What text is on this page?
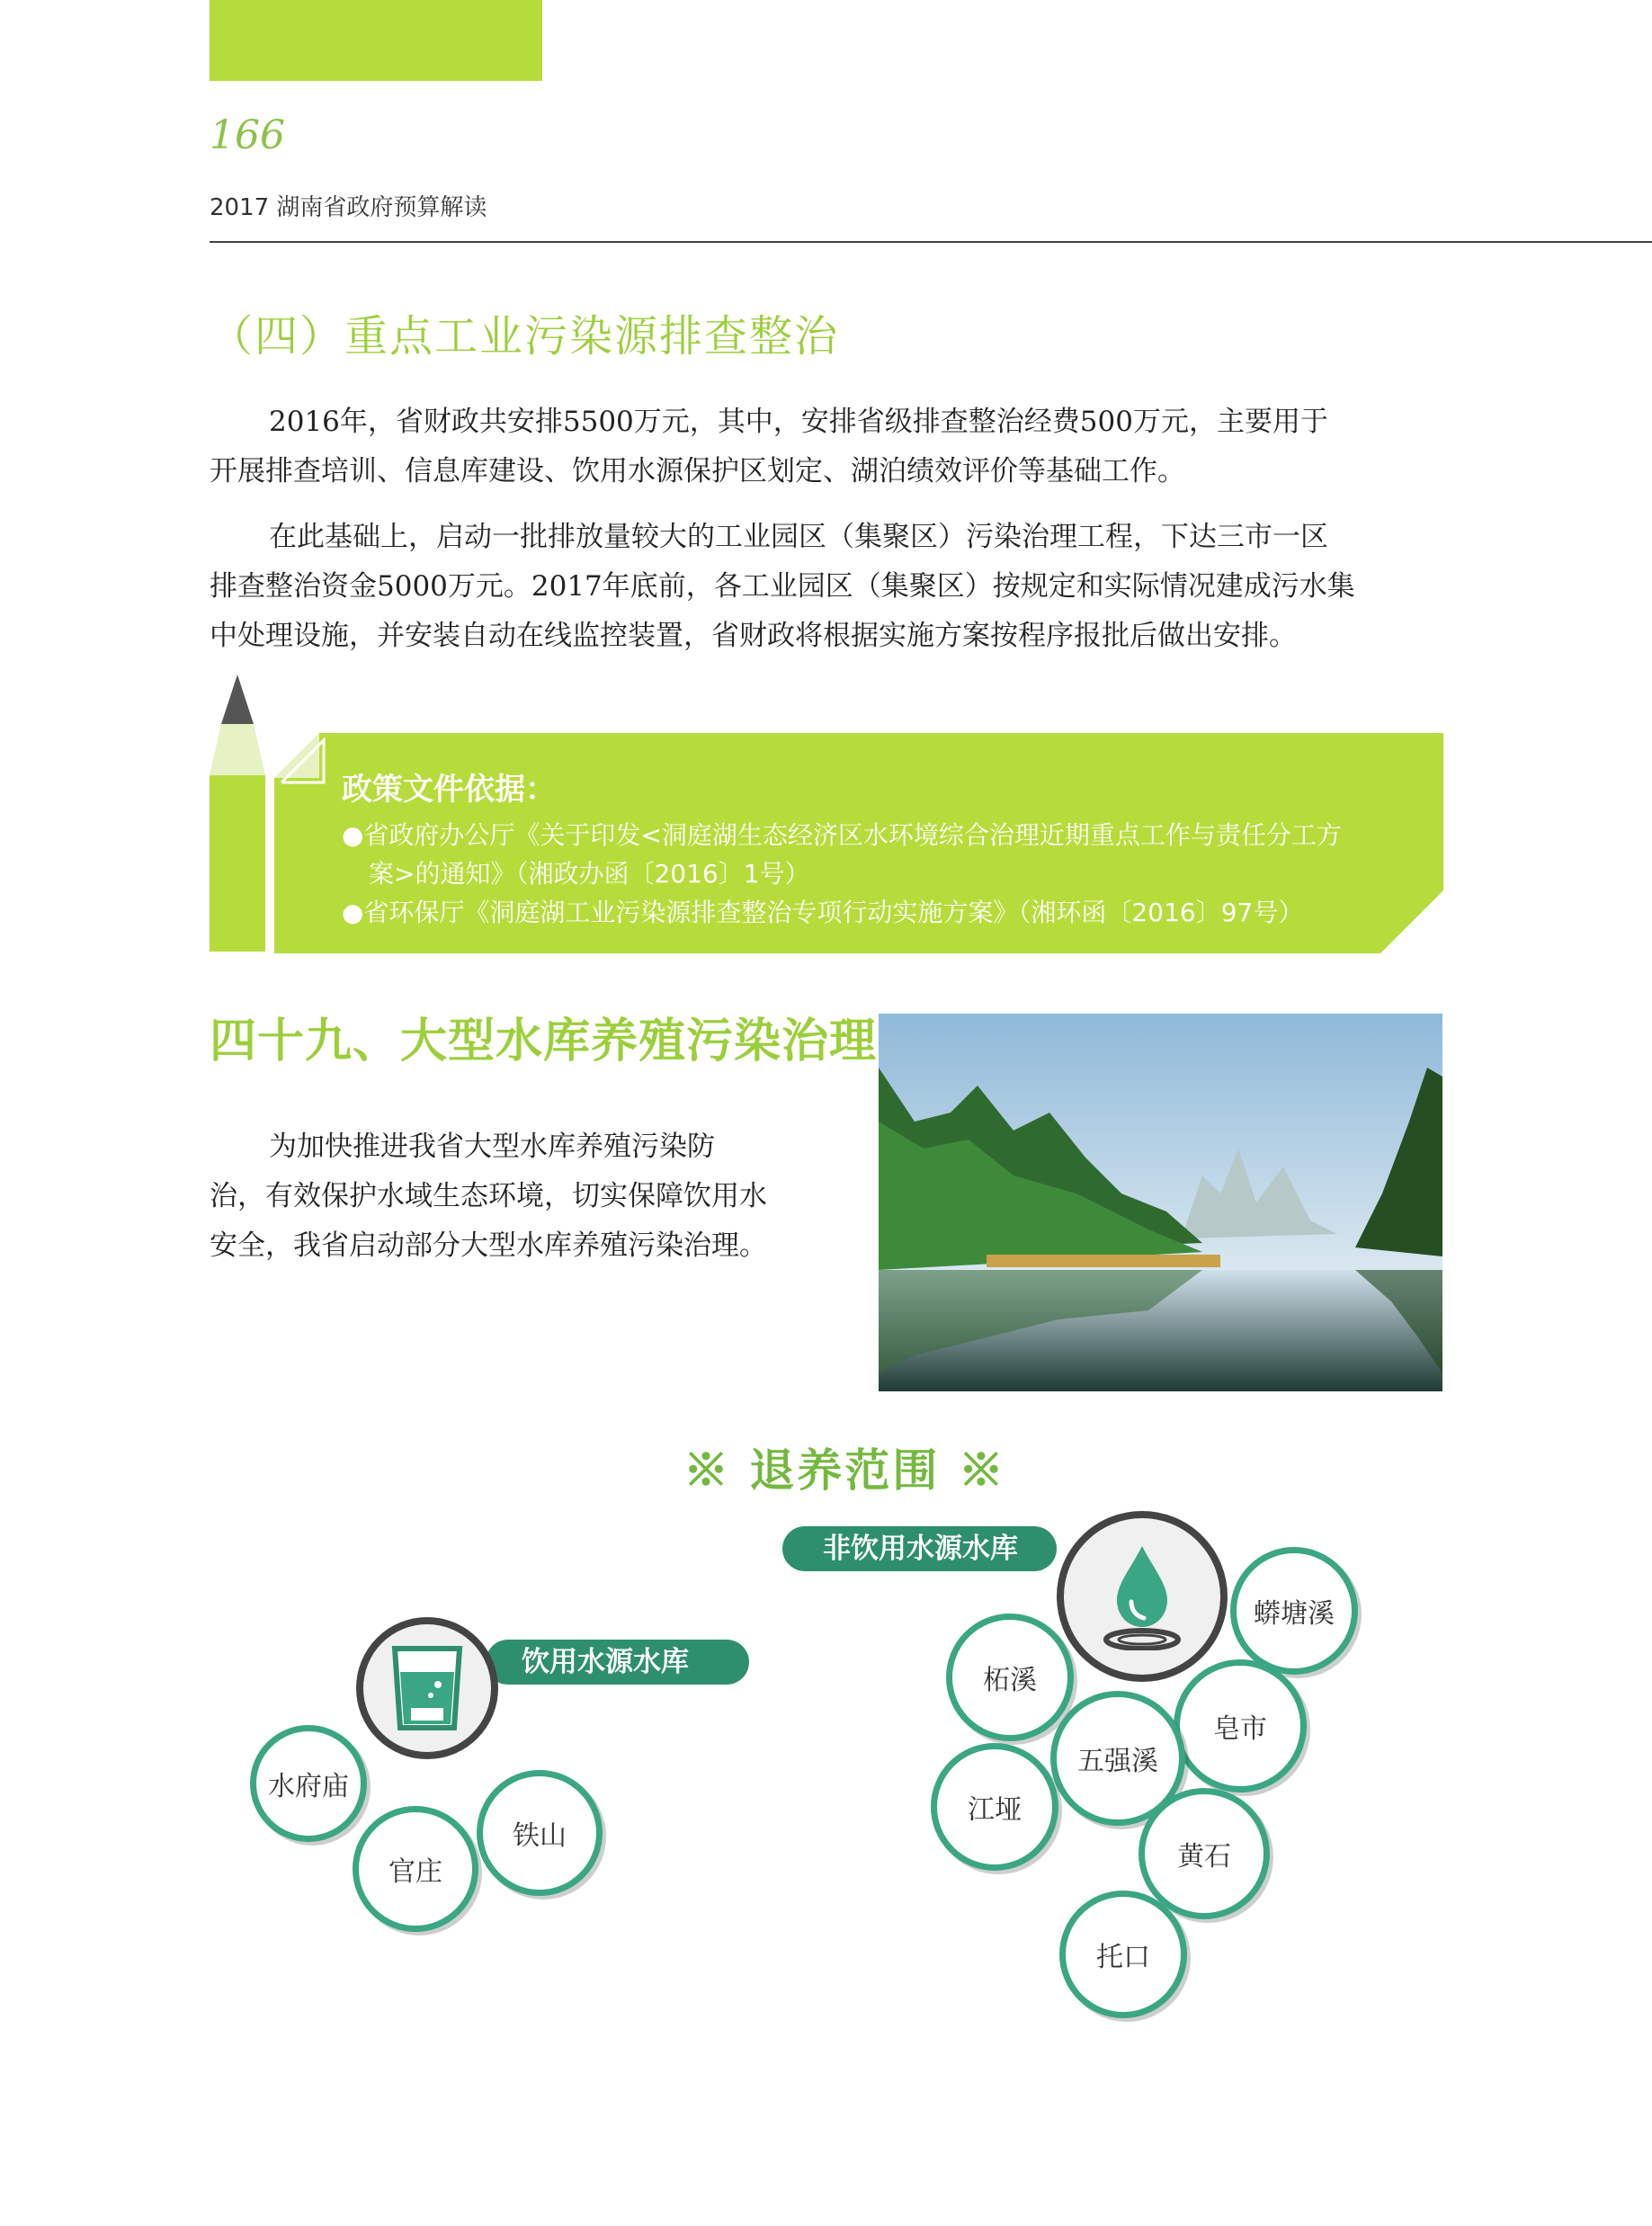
166
2017 湖南省政府预算解读
（四）重点工业污染源排查整治
2016年，省财政共安排5500万元，其中，安排省级排查整治经费500万元，主要用于
开展排查培训、信息库建设、饮用水源保护区划定、湖泊绩效评价等基础工作。
在此基础上，启动一批排放量较大的工业园区（集聚区）污染治理工程，下达三市一区
排查整治资金5000万元。2017年底前，各工业园区（集聚区）按规定和实际情况建成污水集
中处理设施，并安装自动在线监控装置，省财政将根据实施方案按程序报批后做出安排。
政策文件依据：
●省政府办公厅《关于印发<洞庭湖生态经济区水环境综合治理近期重点工作与责任分工方
案>的通知》（湘政办函〔2016〕1号）
●省环保厅《洞庭湖工业污染源排查整治专项行动实施方案》（湘环函〔2016〕97号）
四十九、大型水库养殖污染治理
为加快推进我省大型水库养殖污染防
治，有效保护水域生态环境，切实保障饮用水
安全，我省启动部分大型水库养殖污染治理。
※ 退养范围 ※
饮用水源水库
水府庙
官庄
铁山
非饮用水源水库
蟒塘溪
柘溪
皂市
五强溪
江垭
黄石
托口
